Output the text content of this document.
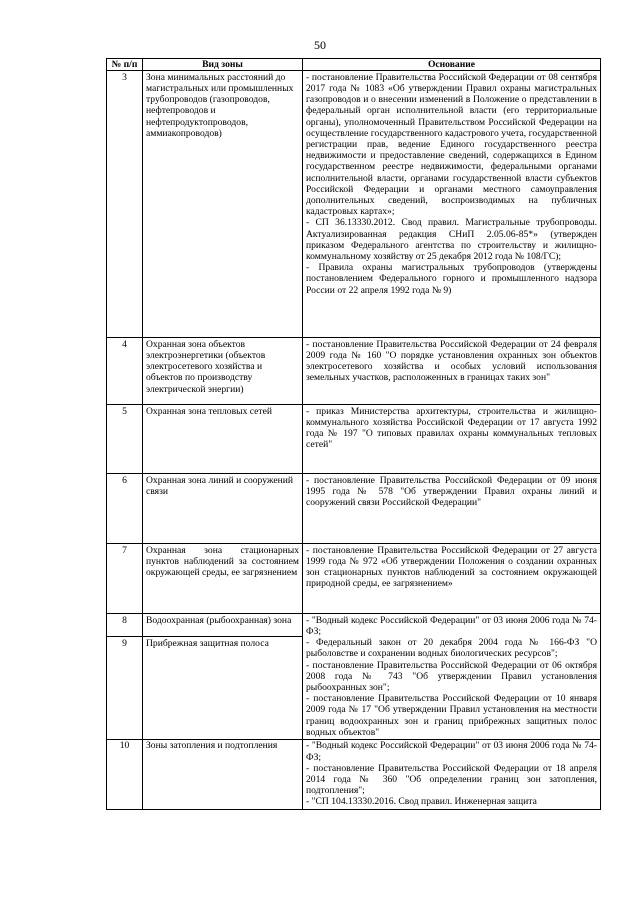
50
№ п/п	Вид зоны	Основание
3	Зона минимальных расстояний до магистральных или промышленных трубопроводов (газопроводов, нефтепроводов и нефтепродуктопроводов, аммиакопроводов)	- постановление Правительства Российской Федерации от 08 сентября 2017 года № 1083 «Об утверждении Правил охраны магистральных газопроводов и о внесении изменений в Положение о представлении в федеральный орган исполнительной власти (его территориальные органы), уполномоченный Правительством Российской Федерации на осуществление государственного кадастрового учета, государственной регистрации прав, ведение Единого государственного реестра недвижимости и предоставление сведений, содержащихся в Едином государственном реестре недвижимости, федеральными органами исполнительной власти, органами государственной власти субъектов Российской Федерации и органами местного самоуправления дополнительных сведений, воспроизводимых на публичных кадастровых картах»;
- СП 36.13330.2012. Свод правил. Магистральные трубопроводы. Актуализированная редакция СНиП 2.05.06-85*» (утвержден приказом Федерального агентства по строительству и жилищно-коммунальному хозяйству от 25 декабря 2012 года № 108/ГС);
- Правила охраны магистральных трубопроводов (утверждены постановлением Федерального горного и промышленного надзора России от 22 апреля 1992 года № 9)

4	Охранная зона объектов электроэнергетики (объектов электросетевого хозяйства и объектов по производству электрической энергии)	- постановление Правительства Российской Федерации от 24 февраля 2009 года № 160 "О порядке установления охранных зон объектов электросетевого хозяйства и особых условий использования земельных участков, расположенных в границах таких зон"

5	Охранная зона тепловых сетей	- приказ Министерства архитектуры, строительства и жилищно-коммунального хозяйства Российской Федерации от 17 августа 1992 года № 197 "О типовых правилах охраны коммунальных тепловых сетей"

6	Охранная зона линий и сооружений связи	- постановление Правительства Российской Федерации от 09 июня 1995 года № 578 "Об утверждении Правил охраны линий и сооружений связи Российской Федерации"

7	Охранная зона стационарных пунктов наблюдений за состоянием окружающей среды, ее загрязнением	- постановление Правительства Российской Федерации от 27 августа 1999 года № 972 «Об утверждении Положения о создании охранных зон стационарных пунктов наблюдений за состоянием окружающей природной среды, ее загрязнением»

8	Водоохранная (рыбоохранная) зона	- "Водный кодекс Российской Федерации" от 03 июня 2006 года № 74-ФЗ;
- Федеральный закон от 20 декабря 2004 года № 166-ФЗ "О рыболовстве и сохранении водных биологических ресурсов";
- постановление Правительства Российской Федерации от 06 октября 2008 года № 743 "Об утверждении Правил установления рыбоохранных зон";
- постановление Правительства Российской Федерации от 10 января 2009 года № 17 "Об утверждении Правил установления на местности границ водоохранных зон и границ прибрежных защитных полос водных объектов"

9	Прибрежная защитная полоса	
10	Зоны затопления и подтопления	- "Водный кодекс Российской Федерации" от 03 июня 2006 года № 74-ФЗ;
- постановление Правительства Российской Федерации от 18 апреля 2014 года № 360 "Об определении границ зон затопления, подтопления";
- "СП 104.13330.2016. Свод правил. Инженерная защита
